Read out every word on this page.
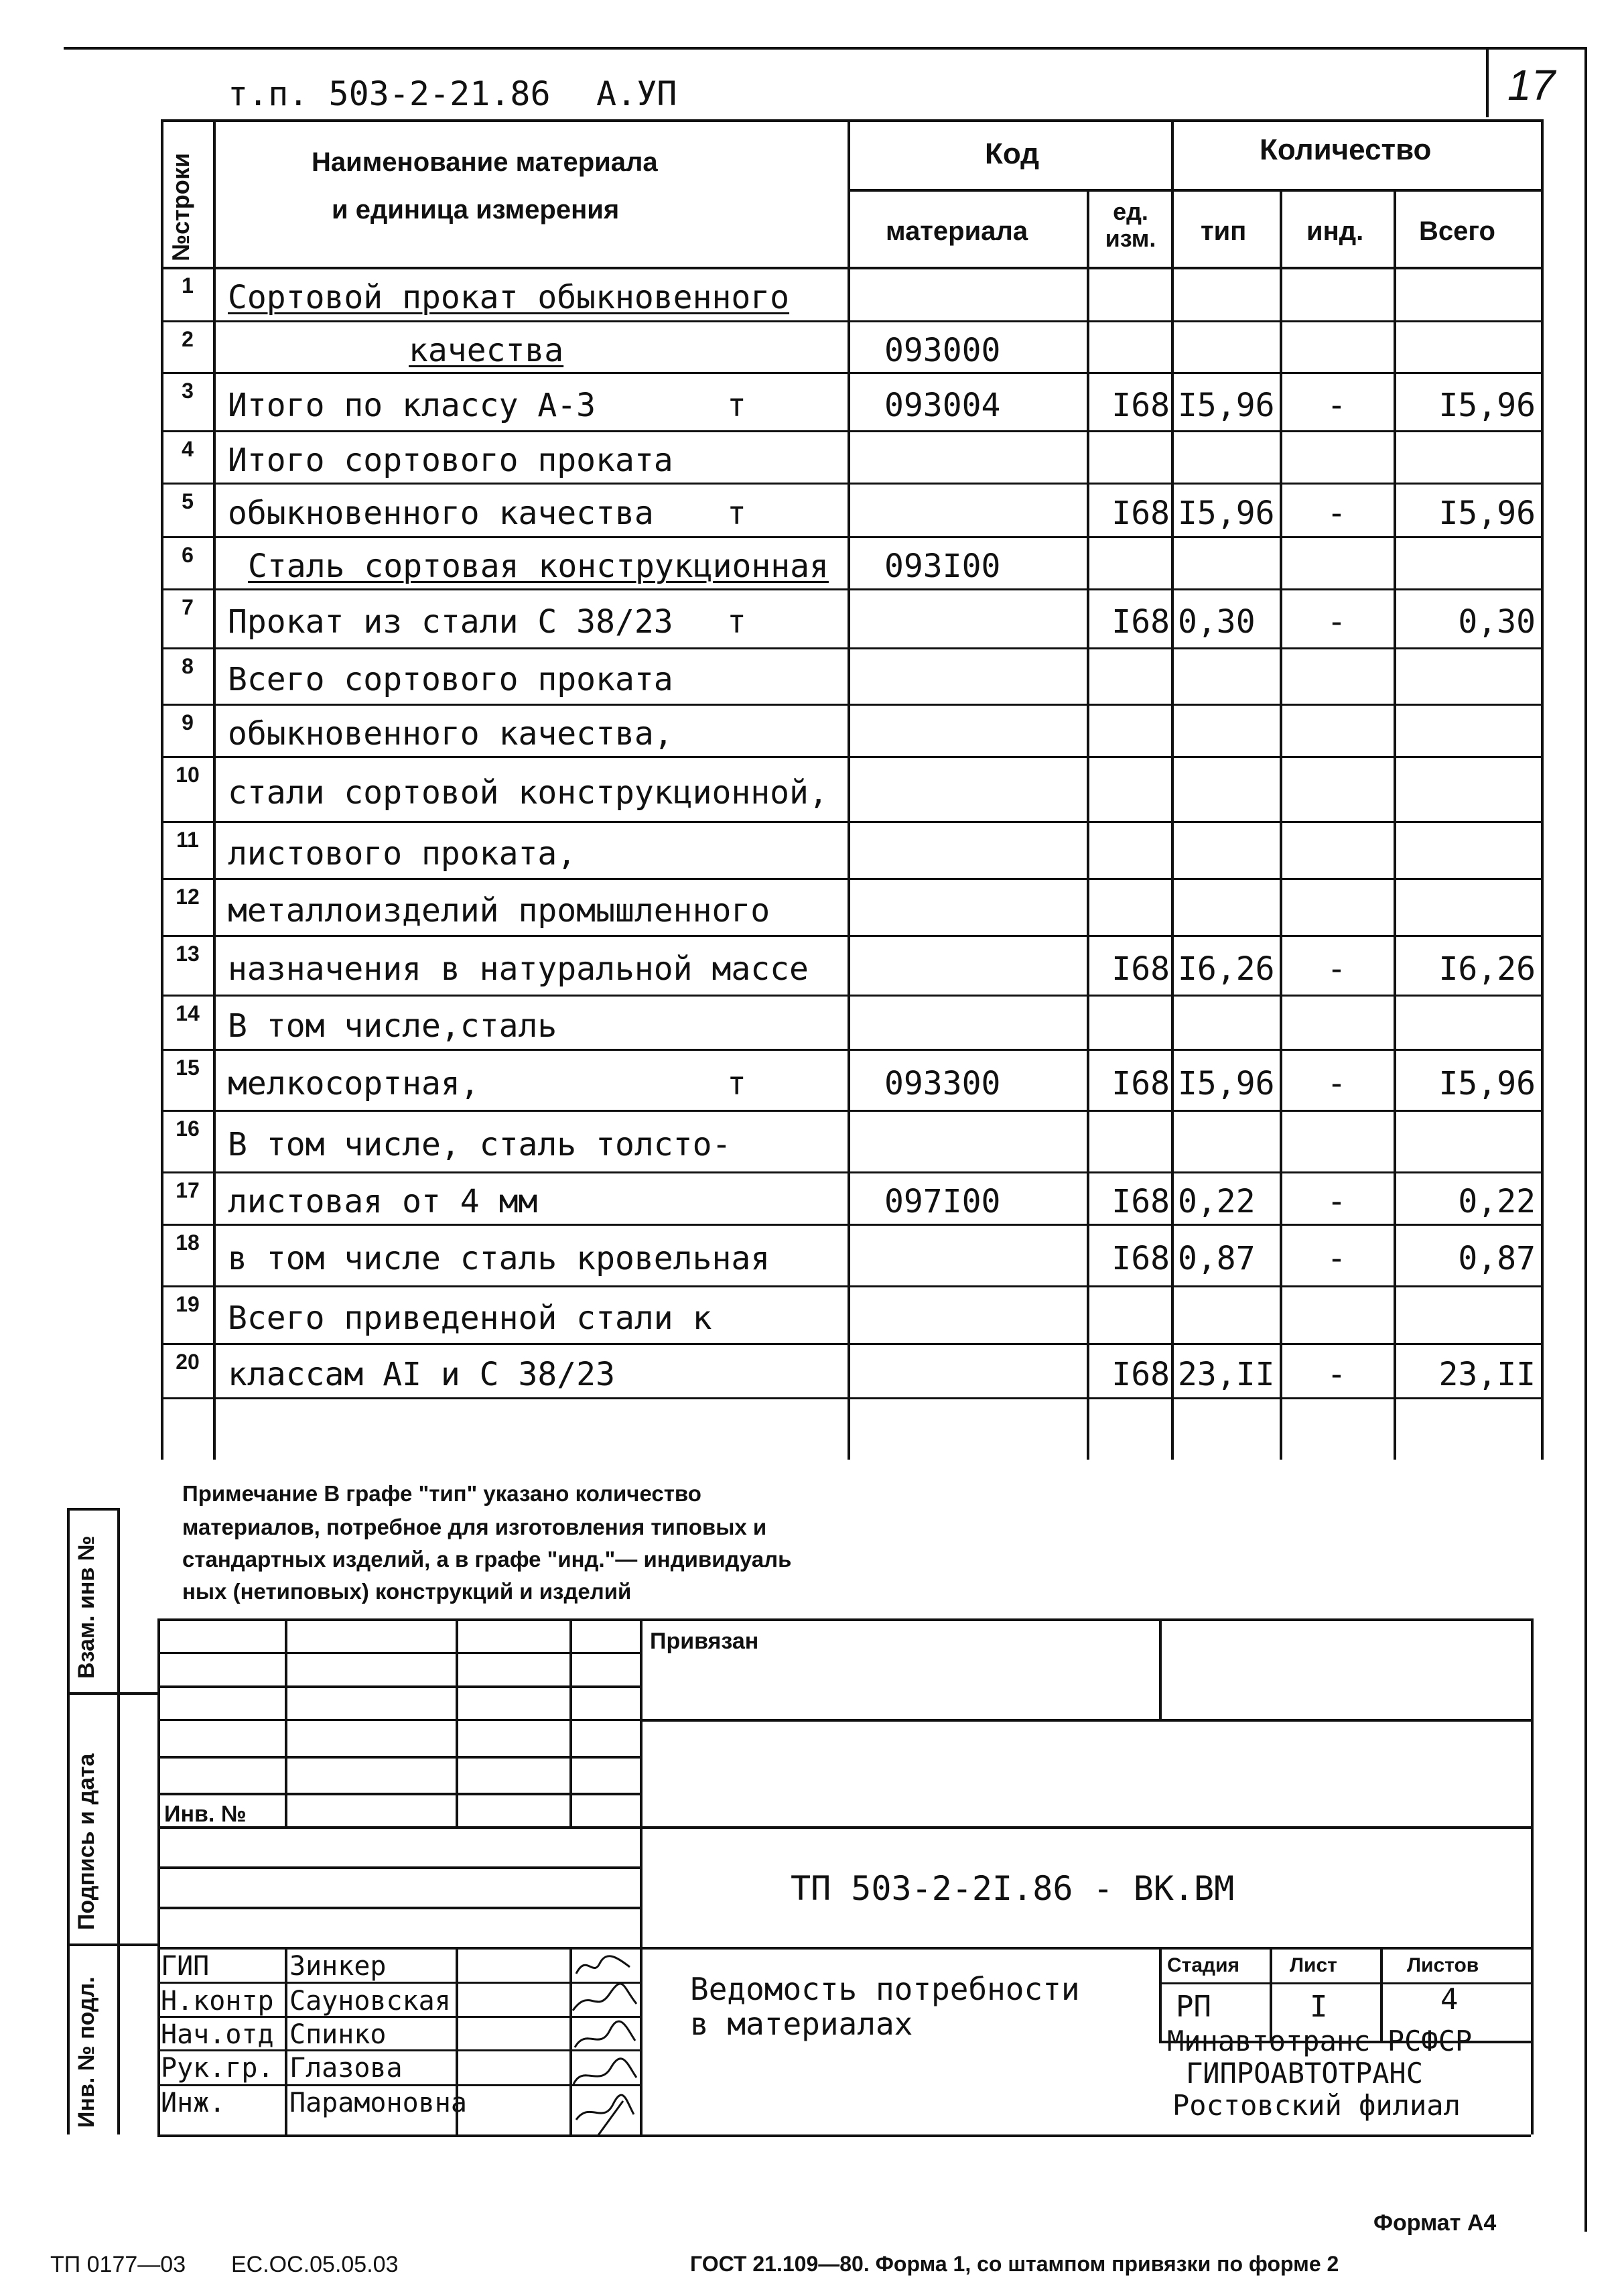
т.п. 503-2-21.86 А.УП	17
№строки	Наименование материала
и единица измерения
Код	Количество
материала
ед. изм.	тип инд. Всего
1	Сортовой прокат обыкновенного
2	качества	093000
3	Итого по классу А-3	т	093004	I68 I5,96	-	I5,96
4	Итого сортового проката
5	обыкновенного качества т	I68 I5,96	-	I5,96
6	Сталь сортовая конструкционная 093I00
7	Прокат из стали С 38/23 т	I68 0,30	-	0,30
8	Всего сортового проката
9	обыкновенного качества,
10 стали сортовой конструкционной,
11 листового проката,
12 металлоизделий промышленного
13 назначения в натуральной массе	I68 I6,26	-	I6,26
14 В том числе,сталь
15 мелкосортная,	т	093300	I68 I5,96	-	I5,96
16 В том числе, сталь толсто-
17 листовая от 4 мм	097I00	I68 0,22	-	0,22
18 в том числе сталь кровельная	I68 0,87	-	0,87
19 Всего приведенной стали к
20 классам АI и С 38/23	I68 23,II	-	23,II
Примечание В графе "тип" указано количество
материалов, потребное для изготовления типовых и
стандартных изделий, а в графе "инд."— индивидуаль
ных (нетиповых) конструкций и изделий
Взам. инв №
Подпись и дата
Инв. № подл.
Привязан
Инв. №
ТП 503-2-2I.86 - ВК.ВМ
Ведомость потребности
в материалах
Стадия Лист	Листов
РП	I	4
Минавтотранс РСФСР
ГИПРОАВТОТРАНС
Ростовский филиал
ГИП	Зинкер
Н.контр Сауновская
Нач.отд Спинко
Рук.гр. Глазова
Инж. Парамоновна
Формат А4
ТП 0177—03 ЕС.ОС.05.05.03	ГОСТ 21.109—80. Форма 1, со штампом привязки по форме 2
